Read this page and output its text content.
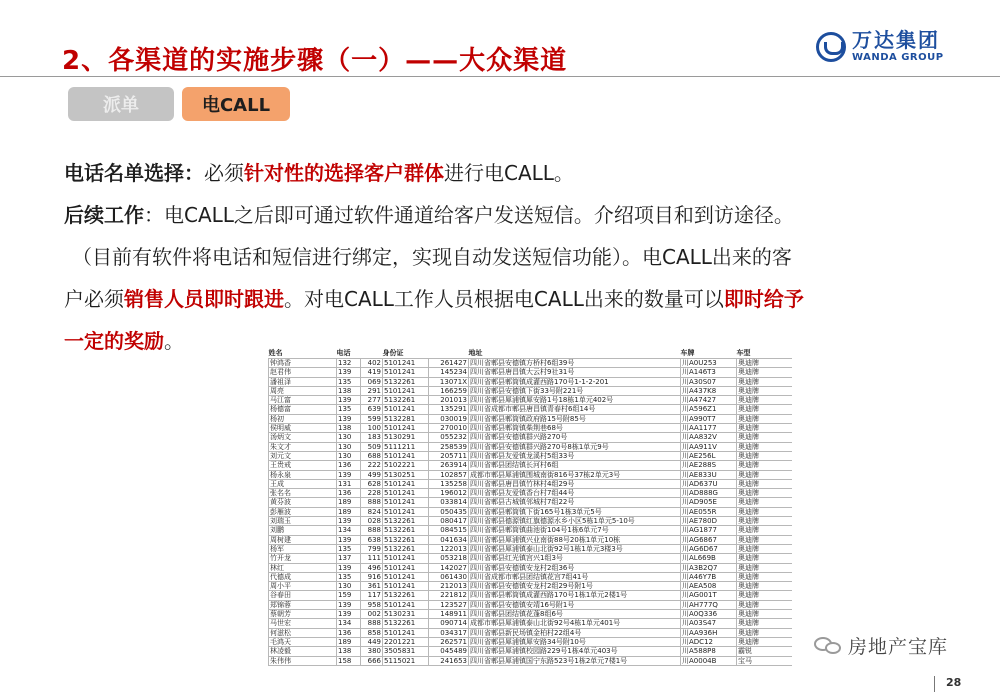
2、各渠道的实施步骤（一）——大众渠道
万达集团
WANDA GROUP
派单	电CALL
电话名单选择：必须针对性的选择客户群体进行电CALL。
后续工作：电CALL之后即可通过软件通道给客户发送短信。介绍项目和到访途径。
（目前有软件将电话和短信进行绑定，实现自动发送短信功能）。电CALL出来的客
户必须销售人员即时跟进。对电CALL工作人员根据电CALL出来的数量可以即时给予
一定的奖励。	姓名	电话		身份证		地址	车牌	车型
钟鸿香	132	402	5101241	261427	四川省郫县安德镇方桥村6组39号	川A0U253	奥迪牌
赵君伟	139	419	5101241	145234	四川省郫县唐昌镇大云村9社31号	川A146T3	奥迪牌
潘祖泽	135	069	5132261	13071X	四川省郫县郫筒镇成灌西路170号1-1-2-201	川A30S07	奥迪牌
周亮	138	291	5101241	166259	四川省郫县安德镇下街33号附221号	川A437K8	奥迪牌
马江富	139	277	5132261	201013	四川省郫县犀浦镇犀安路1号18栋1单元402号	川A47427	奥迪牌
杨德富	135	639	5101241	135291	四川省成都市郫县唐昌镇青春村6组14号	川A596Z1	奥迪牌
杨初	139	599	5132281	030019	四川省郫县郫筒镇政府路15号附85号	川A990T7	奥迪牌
侯明威	138	100	5101241	270010	四川省郫县郫筒镇柴荆巷68号	川AA1177	奥迪牌
汤炳文	130	183	5130291	055232	四川省郫县安德镇群兴路270号	川AA832V	奥迪牌
朱文才	130	509	5111211	258539	四川省郫县安德镇群兴路270号8栋1单元9号	川AA911V	奥迪牌
刘元文	130	688	5101241	205711	四川省郫县友爱镇龙溪村5组33号	川AE256L	奥迪牌
王贵戒	136	222	5102221	263914	四川省郫县团结镇长河村6组	川AE288S	奥迪牌
杨永泉	139	499	5130251	102857	成都市郫县犀浦镇围城南街816号37栋2单元3号	川AE833U	奥迪牌
王成	131	628	5101241	135258	四川省郫县唐昌镇竹林村4组29号	川AD637U	奥迪牌
张名名	136	228	5101241	196012	四川省郫县友爱镇香台村7组44号	川AD888G	奥迪牌
黄芬波	189	888	5101241	033814	四川省郫县古城镇邻城村7组22号	川AD905E	奥迪牌
彭雁波	189	824	5101241	050435	四川省郫县郫筒镇下街165号1栋3单元5号	川AE055R	奥迪牌
刘瑞玉	139	028	5132261	080417	四川省郫县德源镇红旗德源水乡小区5栋1单元5-10号	川AE780D	奥迪牌
刘鹏	134	888	5132261	084515	四川省郫县郫筒镇曲池街104号1栋6单元7号	川AG1877	奥迪牌
周树建	139	638	5132261	041634	四川省郫县犀浦镇兴业南街88号20栋1单元10栋	川AG6867	奥迪牌
杨军	135	799	5132261	122013	四川省郫县犀浦镇泰山北街92号1栋1单元3楼3号	川AG6D67	奥迪牌
竹开龙	137	111	5101241	053218	四川省郫县红光镇宫兴1组3号	川AL669B	奥迪牌
林红	139	496	5101241	142027	四川省郫县安德镇安龙村2组36号	川A3B2Q7	奥迪牌
代德成	135	916	5101241	061430	四川省成都市郫县团结镇花宫7组41号	川A46Y7B	奥迪牌
周小平	130	361	5101241	212013	四川省郫县安德镇安龙村2组29号附1号	川AEA508	奥迪牌
谷春田	159	117	5132261	221812	四川省郫县郫筒镇成灌西路170号1栋1单元2楼1号	川AG001T	奥迪牌
郑锦蓉	139	958	5101241	123527	四川省郫县安德镇安靖16号附1号	川AH777Q	奥迪牌
蔡朝芳	139	002	5130231	148911	四川省郫县团结镇花蓬8组6号	川A0Q336	奥迪牌
马世宏	134	888	5132261	090714	成都市郫县犀浦镇泰山北街92号4栋1单元401号	川A03S47	奥迪牌
何滋松	136	858	5101241	034317	四川省郫县新民场镇金柏村22组4号	川AA936H	奥迪牌
毛鸿天	189	449	2201221	262571	四川省郫县犀浦镇犀安路34号附10号	川ADC12	奥迪牌
林凌毅	138	380	3505831	045489	四川省郫县犀浦镇校园路229号1栋4单元403号	川A588P8	霸锐
朱伟伟	158	666	5115021	241653	四川省郫县犀浦镇国宁东路523号1栋2单元7楼1号	川A0004B	宝马
房地产宝库
28
